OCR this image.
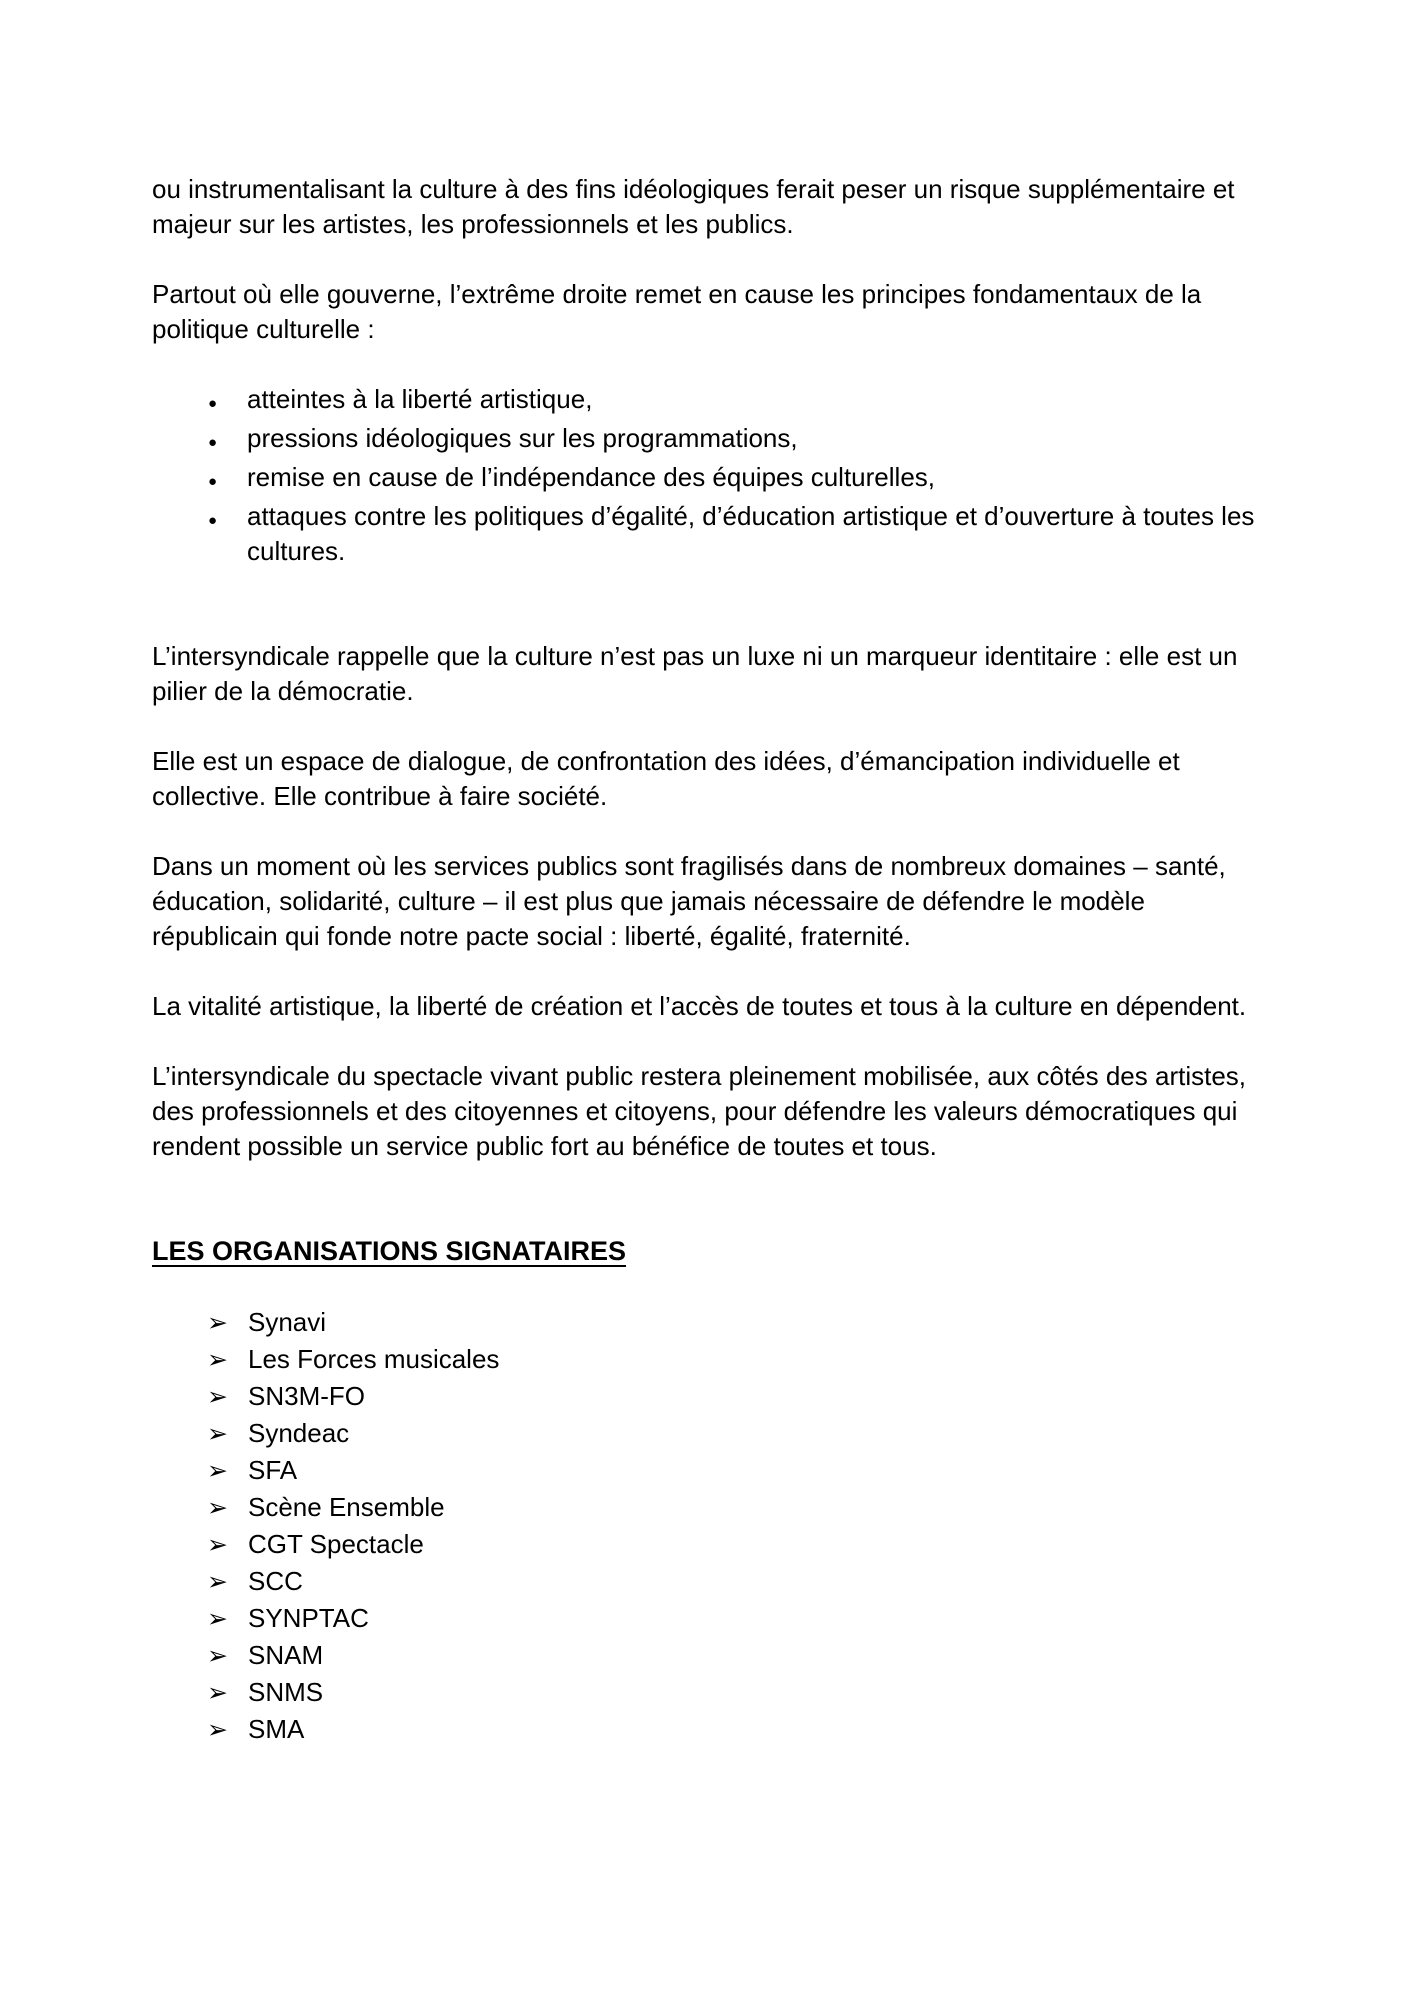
ou instrumentalisant la culture à des fins idéologiques ferait peser un risque supplémentaire et majeur sur les artistes, les professionnels et les publics.

Partout où elle gouverne, l’extrême droite remet en cause les principes fondamentaux de la politique culturelle :

●	atteintes à la liberté artistique,
●	pressions idéologiques sur les programmations,
●	remise en cause de l’indépendance des équipes culturelles,
●	attaques contre les politiques d’égalité, d’éducation artistique et d’ouverture à toutes les cultures.

L’intersyndicale rappelle que la culture n’est pas un luxe ni un marqueur identitaire : elle est un pilier de la démocratie.

Elle est un espace de dialogue, de confrontation des idées, d’émancipation individuelle et collective. Elle contribue à faire société.

Dans un moment où les services publics sont fragilisés dans de nombreux domaines – santé, éducation, solidarité, culture – il est plus que jamais nécessaire de défendre le modèle républicain qui fonde notre pacte social : liberté, égalité, fraternité.

La vitalité artistique, la liberté de création et l’accès de toutes et tous à la culture en dépendent.

L’intersyndicale du spectacle vivant public restera pleinement mobilisée, aux côtés des artistes, des professionnels et des citoyennes et citoyens, pour défendre les valeurs démocratiques qui rendent possible un service public fort au bénéfice de toutes et tous.

LES ORGANISATIONS SIGNATAIRES
➢ Synavi
➢ Les Forces musicales
➢ SN3M-FO
➢ Syndeac
➢ SFA
➢ Scène Ensemble
➢ CGT Spectacle
➢ SCC
➢ SYNPTAC
➢ SNAM
➢ SNMS
➢ SMA
